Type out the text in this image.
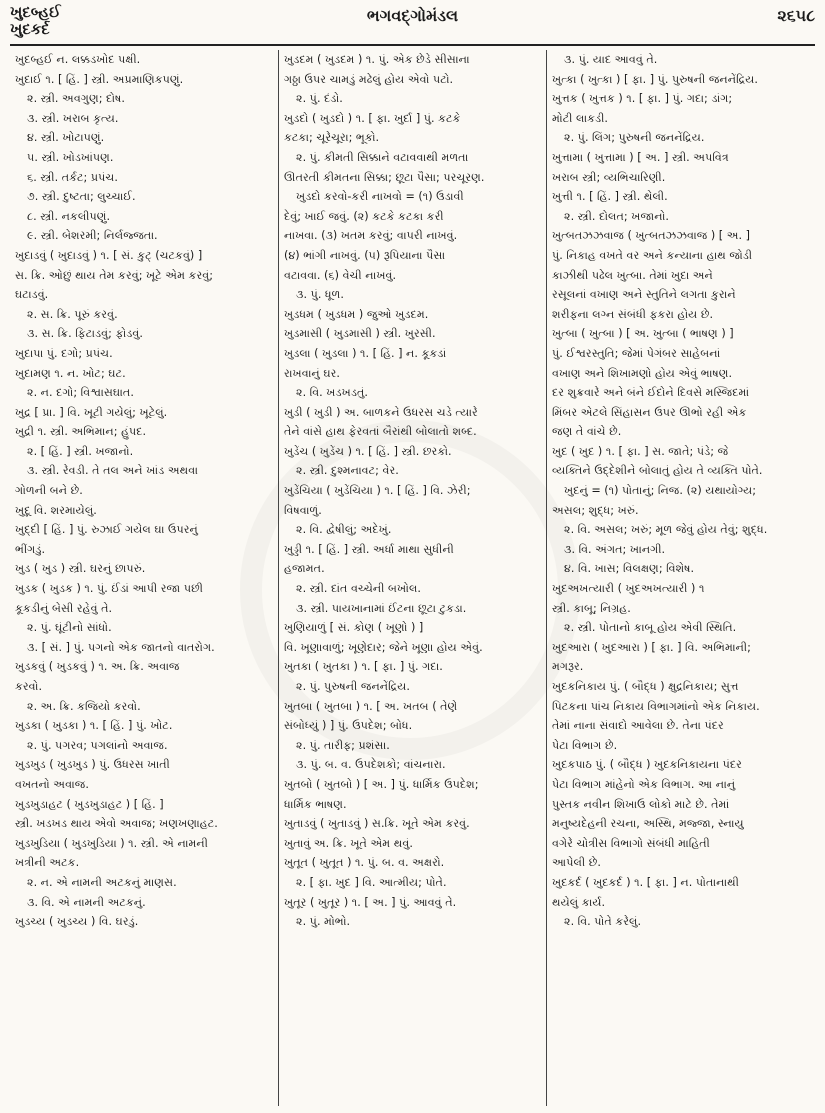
ખુદબ્હઈ
ખુદકર્દ
ભગવદ્ગોમંડલ	૨૬૫૮
ખુદબ્હઈ ન. લક્કડખોદ પક્ષી.
ખુદાઈ ૧. [ હિં. ] સ્ત્રી. અપ્રમાણિકપણું.
૨. સ્ત્રી. અવગુણ; દોષ.
૩. સ્ત્રી. ખરાબ કૃત્ય.
૪. સ્ત્રી. ખોટાપણું.
૫. સ્ત્રી. ખોડખાંપણ.
૬. સ્ત્રી. તર્કટ; પ્રપંચ.
૭. સ્ત્રી. દુષ્ટતા; લુચ્ચાઈ.
૮. સ્ત્રી. નકલીપણું.
૯. સ્ત્રી. બેશરમી; નિર્લજ્જતા.
ખુદાડવું ( ખુદાડવું ) ૧. [ સં. કુટ્ (ચટકવું) ]
સ. ક્રિ. ઓછું થાય તેમ કરવું; ખૂટે એમ કરવું;
ઘટાડવું.
૨. સ. ક્રિ. પૂરું કરવું.
૩. સ. ક્રિ. ફિટાડવું; ફોડવું.
ખુદાપા પું. દગો; પ્રપંચ.
ખુદામણ ૧. ન. ખોટ; ઘટ.
૨. ન. દગો; વિશ્વાસઘાત.
ખુદ્ર [ પ્રા. ] વિ. ખૂટી ગયેલું; ખૂટેલું.
ખુદ્રી ૧. સ્ત્રી. અભિમાન; હુંપદ.
૨. [ હિં. ] સ્ત્રી. ખજાનો.
૩. સ્ત્રી. રેવડી. તે તલ અને ખાંડ અથવા
ગોળની બને છે.
ખુદૂ વિ. શરમાયેલું.
ખુદ્દી [ હિં. ] પું. રુઝાઈ ગયેલ ઘા ઉપરનું
ભીંગડું.
ખુડ ( ખુડ ) સ્ત્રી. ઘરનું છાપરું.
ખુડક ( ખુડક ) ૧. પું. ઈંડાં આપી રજા પછી
કૂકડીનું બેસી રહેવું તે.
૨. પું. ઘૂંટીનો સાંધો.
૩. [ સં. ] પું. પગનો એક જાતનો વાતરોગ.
ખુડકવું ( ખુડકવું ) ૧. અ. ક્રિ. અવાજ
કરવો.
૨. અ. ક્રિ. કજિયો કરવો.
ખુડકા ( ખુડકા ) ૧. [ હિં. ] પું. ખોટ.
૨. પું. પગરવ; પગલાંનો અવાજ.
ખુડખુડ ( ખુડખુડ ) પું. ઉધરસ ખાતી
વખતનો અવાજ.
ખુડખુડાહટ ( ખુડખુડાહટ ) [ હિં. ]
સ્ત્રી. ખડખડ થાય એવો અવાજ; ખણખણાહટ.
ખુડખુડિયા ( ખુડખુડિયા ) ૧. સ્ત્રી. એ નામની
ખત્રીની અટક.
૨. ન. એ નામની અટકનું માણસ.
૩. વિ. એ નામની અટકનું.
ખુડચ્ય ( ખુડચ્ય ) વિ. ઘરડું.
ખુડદમ ( ખુડદમ ) ૧. પું. એક છેડે સીસાના
ગઠ્ઠા ઉપર ચામડું મઢેલું હોય એવો પટો.
૨. પું. દંડો.
ખુડદો ( ખુડદો ) ૧. [ ફા. ખુર્દા ] પું. કટકે
કટકા; ચૂરેચૂરા; ભૂકો.
૨. પું. કીમતી સિક્કાને વટાવવાથી મળતા
ઊતરતી કીમતના સિક્કા; છૂટા પૈસા; પરચૂરણ.
ખુડદો કરવો-કરી નાખવો = (૧) ઉડાવી
દેવું; ખાઈ જવું. (૨) કટકે કટકા કરી
નાખવા. (૩) ખતમ કરવું; વાપરી નાખવું.
(૪) ભાંગી નાખવું. (૫) રૂપિયાના પૈસા
વટાવવા. (૬) વેચી નાખવું.
૩. પું. ધૂળ.
ખુડધમ ( ખુડધમ ) જુઓ ખુડદમ.
ખુડમાસી ( ખુડમાસી ) સ્ત્રી. ખુરસી.
ખુડલા ( ખુડલા ) ૧. [ હિં. ] ન. કૂકડાં
રાખવાનું ઘર.
૨. વિ. ખડખડતું.
ખુડી ( ખુડી ) અ. બાળકને ઉધરસ ચડે ત્યારે
તેને વાંસે હાથ ફેરવતાં બૈરાંથી બોલાતો શબ્દ.
ખુડેંચ ( ખુડેંચ ) ૧. [ હિં. ] સ્ત્રી. છરકો.
૨. સ્ત્રી. દુશ્મનાવટ; વેર.
ખુડેંચિયા ( ખુડેંચિયા ) ૧. [ હિં. ] વિ. ઝેરી;
વિષવાળું.
૨. વિ. દ્વેષીલું; અદેખું.
ખુડ્ડી ૧. [ હિં. ] સ્ત્રી. અર્ધા માથા સુધીની
હજામત.
૨. સ્ત્રી. દાંત વચ્ચેની બખોલ.
૩. સ્ત્રી. પાયખાનામાં ઈંટના છૂટા ટુકડા.
ખુણિયાળું [ સં. કોણ ( ખૂણો ) ]
વિ. ખૂણાવાળું; ખૂણેદાર; જેને ખૂણા હોય એવું.
ખુતકા ( ખુતકા ) ૧. [ ફા. ] પું. ગદા.
૨. પું. પુરુષની જનનેંદ્રિય.
ખુતબા ( ખુતબા ) ૧. [ અ. ખતબ ( તેણે
સંબોધ્યું ) ] પું. ઉપદેશ; બોધ.
૨. પું. તારીફ; પ્રશંસા.
૩. પું. બ. વ. ઉપદેશકો; વાંચનારા.
ખુતબો ( ખુતબો ) [ અ. ] પું. ધાર્મિક ઉપદેશ;
ધાર્મિક ભાષણ.
ખુતાડવું ( ખુતાડવું ) સ.ક્રિ. ખૂતે એમ કરવું.
ખુતાવું અ. ક્રિ. ખૂતે એમ થવું.
ખુતૂત ( ખુતૂત ) ૧. પું. બ. વ. અક્ષરો.
૨. [ ફા. ખુદ ] વિ. આત્મીય; પોતે.
ખુતૂર ( ખુતૂર ) ૧. [ અ. ] પું. આવવું તે.
૨. પું. મોભો.
૩. પું. યાદ આવવું તે.
ખુત્કા ( ખુત્કા ) [ ફા. ] પું. પુરુષની જનનેંદ્રિય.
ખુત્તક ( ખુત્તક ) ૧. [ ફા. ] પું. ગદા; ડાંગ;
મોટી લાકડી.
૨. પું. લિંગ; પુરુષની જનનેંદ્રિય.
ખુત્તામા ( ખુત્તામા ) [ અ. ] સ્ત્રી. અપવિત્ર
ખરાબ સ્ત્રી; વ્યભિચારિણી.
ખુત્તી ૧. [ હિં. ] સ્ત્રી. થેલી.
૨. સ્ત્રી. દોલત; ખજાનો.
ખુત્બતઝઝવાજ ( ખુત્બતઝઝવાજ ) [ અ. ]
પું. નિકાહ વખતે વર અને કન્યાના હાથ જોડી
કાઝીથી પઢેલ ખુત્બા. તેમાં ખુદા અને
રસૂલનાં વખાણ અને સ્તુતિને લગતા કુરાને
શરીફના લગ્ન સંબંધી ફકરા હોય છે.
ખુત્બા ( ખુત્બા ) [ અ. ખુત્બા ( ભાષણ ) ]
પું. ઈશ્વરસ્તુતિ; જેમાં પેગંબર સાહેબનાં
વખાણ અને શિખામણો હોય એવું ભાષણ.
દર શુક્રવારે અને બંને ઈદોને દિવસે મસ્જિદમાં
મિંબર એટલે સિંહાસન ઉપર ઊભો રહી એક
જણ તે વાંચે છે.
ખુદ ( ખુદ ) ૧. [ ફા. ] સ. જાતે; પંડે; જે
વ્યક્તિને ઉદ્દેશીને બોલાતું હોય તે વ્યક્તિ પોતે.
ખુદનું = (૧) પોતાનું; નિજ. (૨) યથાયોગ્ય;
અસલ; શુદ્ધ; ખરું.
૨. વિ. અસલ; ખરું; મૂળ જેવું હોય તેવું; શુદ્ધ.
૩. વિ. અંગત; ખાનગી.
૪. વિ. ખાસ; વિલક્ષણ; વિશેષ.
ખુદઅખત્યારી ( ખુદઅખત્યારી ) ૧
સ્ત્રી. કાબૂ; નિગ્રહ.
૨. સ્ત્રી. પોતાનો કાબૂ હોય એવી સ્થિતિ.
ખુદઆરા ( ખુદઆરા ) [ ફા. ] વિ. અભિમાની;
મગરૂર.
ખુદકનિકાય પું. ( બૌદ્ધ ) ક્ષુદ્રનિકાય; સુત્ત
પિટકના પાંચ નિકાય વિભાગમાંનો એક નિકાય.
તેમાં નાના સંવાદો આવેલા છે. તેના પંદર
પેટા વિભાગ છે.
ખુદકપાઠ પું. ( બૌદ્ધ ) ખુદકનિકાયના પંદર
પેટા વિભાગ માંહેનો એક વિભાગ. આ નાનું
પુસ્તક નવીન શિખાઉ લોકો માટે છે. તેમાં
મનુષ્યદેહની રચના, અસ્થિ, મજ્જા, સ્નાયુ
વગેરે ચોત્રીસ વિભાગો સંબંધી માહિતી
આપેલી છે.
ખુદકર્દ ( ખુદકર્દ ) ૧. [ ફા. ] ન. પોતાનાથી
થયેલું કાર્ય.
૨. વિ. પોતે કરેલું.
